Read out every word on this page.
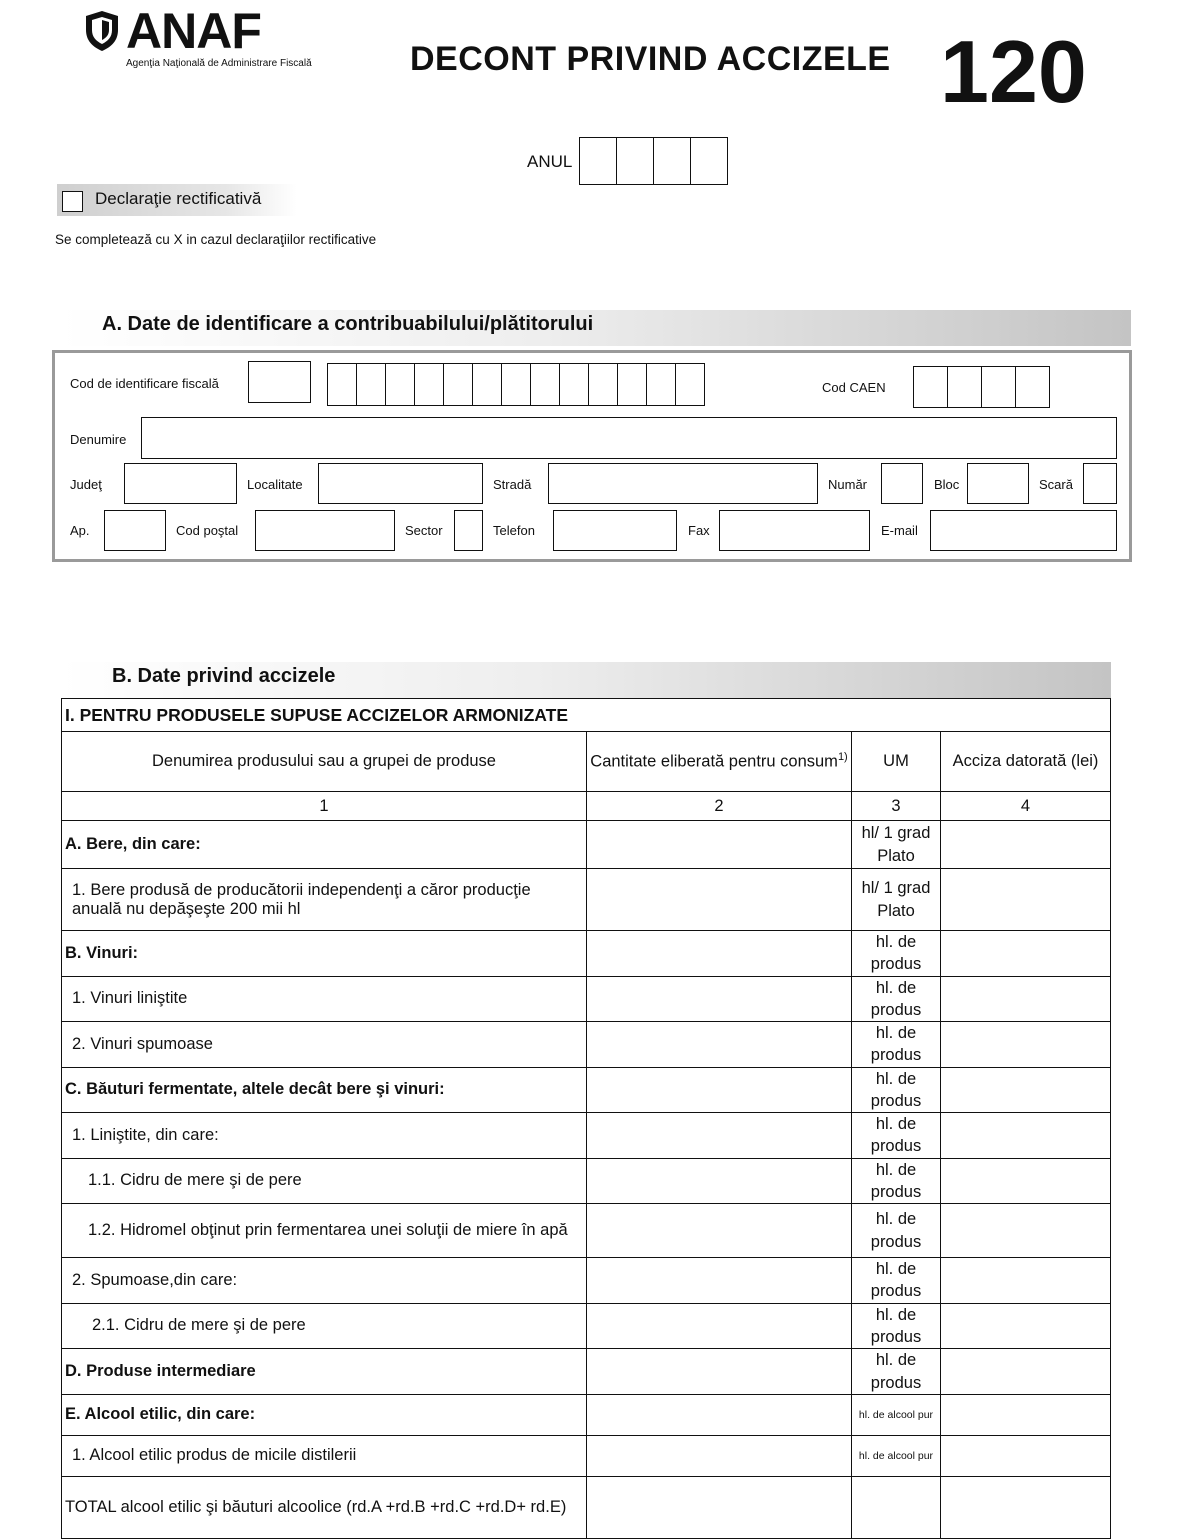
ANAF
Agenţia Naţională de Administrare Fiscală	DECONT PRIVIND ACCIZELE 120
ANUL
Declaraţie rectificativă
Se completează cu X in cazul declaraţiilor rectificative
A. Date de identificare a contribuabilului/plătitorului
Cod de identificare fiscală	Cod CAEN
Denumire
Judeţ	Localitate	Stradă	Număr	Bloc	Scară
Ap.	Cod poştal	Sector	Telefon	Fax	E-mail
B. Date privind accizele
I. PENTRU PRODUSELE SUPUSE ACCIZELOR ARMONIZATE			
Denumirea produsului sau a grupei de produse	Cantitate eliberată pentru consum$^{1)}$	UM	Acciza datorată (lei)
1	2	3	4
A. Bere, din care:		hl/ 1 grad Plato	
1. Bere produsă de producătorii independenţi a căror producţie anuală nu depăşeşte 200 mii hl		hl/ 1 grad Plato	
B. Vinuri:		hl. de produs	
1. Vinuri liniştite		hl. de produs	
2. Vinuri spumoase		hl. de produs	
C. Băuturi fermentate, altele decât bere şi vinuri:		hl. de produs	
1. Liniştite, din care:		hl. de produs	
1.1. Cidru de mere şi de pere		hl. de produs	
1.2. Hidromel obţinut prin fermentarea unei soluţii de miere în apă		hl. de produs	
2. Spumoase,din care:		hl. de produs	
2.1. Cidru de mere şi de pere		hl. de produs	
D. Produse intermediare		hl. de produs	
E. Alcool etilic, din care:		hl. de alcool pur	
1. Alcool etilic produs de micile distilerii		hl. de alcool pur	
TOTAL alcool etilic şi băuturi alcoolice (rd.A +rd.B +rd.C +rd.D+ rd.E)			
